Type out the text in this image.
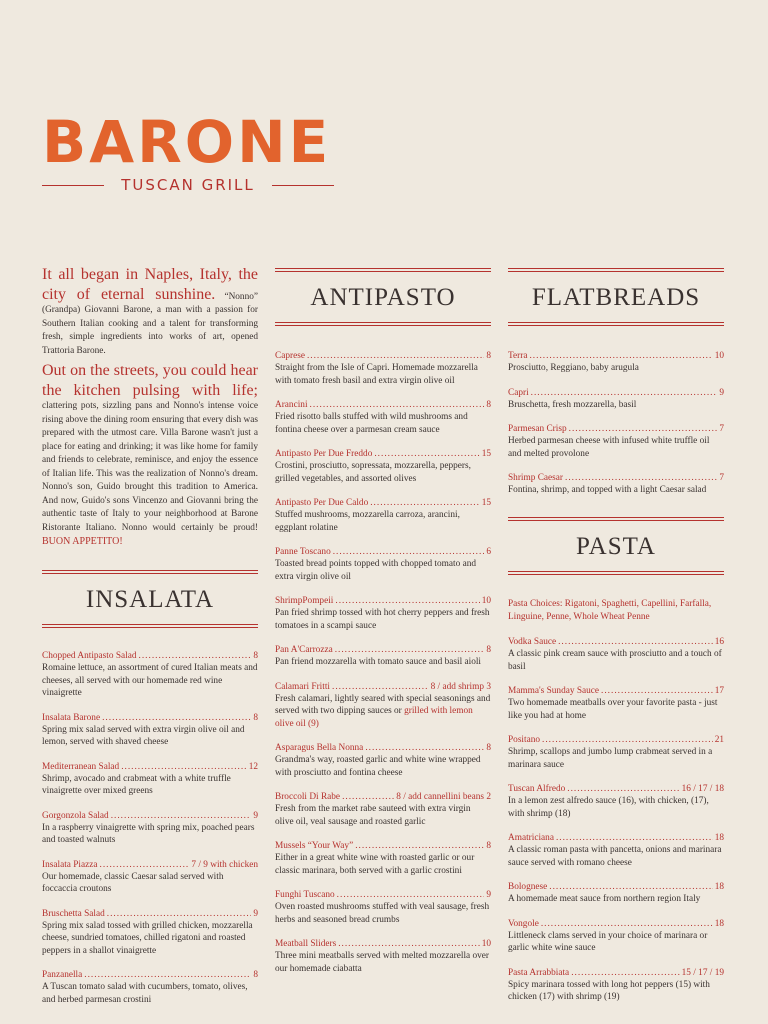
BARONE
TUSCAN GRILL

It all began in Naples, Italy, the city of eternal sunshine. “Nonno” (Grandpa) Giovanni Barone, a man with a passion for Southern Italian cooking and a talent for transforming fresh, simple ingredients into works of art, opened Trattoria Barone.

Out on the streets, you could hear the kitchen pulsing with life; clattering pots, sizzling pans and Nonno's intense voice rising above the dining room ensuring that every dish was prepared with the utmost care. Villa Barone wasn't just a place for eating and drinking; it was like home for family and friends to celebrate, reminisce, and enjoy the essence of Italian life. This was the realization of Nonno's dream. Nonno's son, Guido brought this tradition to America. And now, Guido's sons Vincenzo and Giovanni bring the authentic taste of Italy to your neighborhood at Barone Ristorante Italiano. Nonno would certainly be proud! BUON APPETITO!

INSALATA
ANTIPASTO	FLATBREADS
PASTA
Chopped Antipasto Salad .....	8
Romaine lettuce, an assortment of cured Italian meats and cheeses, all served with our homemade red wine vinaigrette
Insalata Barone .....	8
Spring mix salad served with extra virgin olive oil and lemon, served with shaved cheese
Mediterranean Salad .....	12
Shrimp, avocado and crabmeat with a white truffle vinaigrette over mixed greens
Gorgonzola Salad .....	9
In a raspberry vinaigrette with spring mix, poached pears and toasted walnuts
Insalata Piazza .....	7 / 9 with chicken
Our homemade, classic Caesar salad served with foccaccia croutons
Bruschetta Salad .....	9
Spring mix salad tossed with grilled chicken, mozzarella cheese, sundried tomatoes, chilled rigatoni and roasted peppers in a shallot vinaigrette
Panzanella .....	8
A Tuscan tomato salad with cucumbers, tomato, olives, and herbed parmesan crostini
Caprese .....	8
Straight from the Isle of Capri. Homemade mozzarella with tomato fresh basil and extra virgin olive oil
Arancini .....	8
Fried risotto balls stuffed with wild mushrooms and fontina cheese over a parmesan cream sauce
Antipasto Per Due Freddo .....	15
Crostini, prosciutto, sopressata, mozzarella, peppers, grilled vegetables, and assorted olives
Antipasto Per Due Caldo .....	15
Stuffed mushrooms, mozzarella carroza, arancini, eggplant rolatine
Panne Toscano .....	6
Toasted bread points topped with chopped tomato and extra virgin olive oil
ShrimpPompeii .....	10
Pan fried shrimp tossed with hot cherry peppers and fresh tomatoes in a scampi sauce
Pan A'Carrozza .....	8
Pan friend mozzarella with tomato sauce and basil aioli
Calamari Fritti .....	8 / add shrimp 3
Fresh calamari, lightly seared with special seasonings and served with two dipping sauces or grilled with lemon olive oil (9)
Asparagus Bella Nonna .....	8
Grandma's way, roasted garlic and white wine wrapped with prosciutto and fontina cheese
Broccoli Di Rabe .....	8 / add cannellini beans 2
Fresh from the market rabe sauteed with extra virgin olive oil, veal sausage and roasted garlic
Mussels “Your Way” .....	8
Either in a great white wine with roasted garlic or our classic marinara, both served with a garlic crostini
Funghi Tuscano .....	9
Oven roasted mushrooms stuffed with veal sausage, fresh herbs and seasoned bread crumbs
Meatball Sliders .....	10
Three mini meatballs served with melted mozzarella over our homemade ciabatta
Terra .....	10
Prosciutto, Reggiano, baby arugula
Capri .....	9
Bruschetta, fresh mozzarella, basil
Parmesan Crisp .....	7
Herbed parmesan cheese with infused white truffle oil and melted provolone
Shrimp Caesar .....	7
Fontina, shrimp, and topped with a light Caesar salad
Pasta Choices: Rigatoni, Spaghetti, Capellini, Farfalla, Linguine, Penne, Whole Wheat Penne
Vodka Sauce .....	16
A classic pink cream sauce with prosciutto and a touch of basil
Mamma's Sunday Sauce .....	17
Two homemade meatballs over your favorite pasta - just like you had at home
Positano .....	21
Shrimp, scallops and jumbo lump crabmeat served in a marinara sauce
Tuscan Alfredo .....	16 / 17 / 18
In a lemon zest alfredo sauce (16), with chicken, (17), with shrimp (18)
Amatriciana .....	18
A classic roman pasta with pancetta, onions and marinara sauce served with romano cheese
Bolognese .....	18
A homemade meat sauce from northern region Italy
Vongole .....	18
Littleneck clams served in your choice of marinara or garlic white wine sauce
Pasta Arrabbiata .....	15 / 17 / 19
Spicy marinara tossed with long hot peppers (15) with chicken (17) with shrimp (19)
